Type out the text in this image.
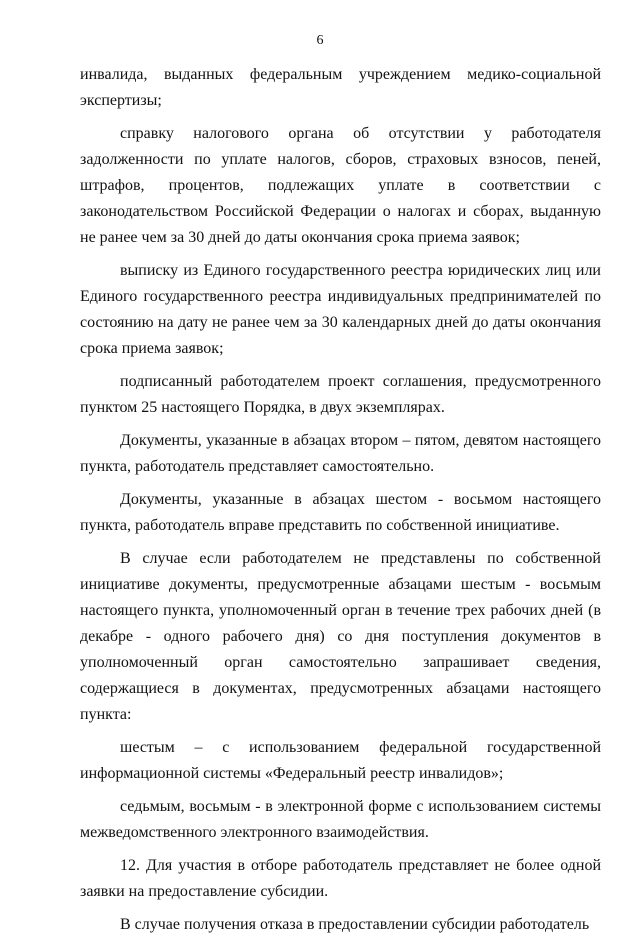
6

инвалида, выданных федеральным учреждением медико-социальной экспертизы;

справку налогового органа об отсутствии у работодателя задолженности по уплате налогов, сборов, страховых взносов, пеней, штрафов, процентов, подлежащих уплате в соответствии с законодательством Российской Федерации о налогах и сборах, выданную не ранее чем за 30 дней до даты окончания срока приема заявок;

выписку из Единого государственного реестра юридических лиц или Единого государственного реестра индивидуальных предпринимателей по состоянию на дату не ранее чем за 30 календарных дней до даты окончания срока приема заявок;

подписанный работодателем проект соглашения, предусмотренного пунктом 25 настоящего Порядка, в двух экземплярах.

Документы, указанные в абзацах втором – пятом, девятом настоящего пункта, работодатель представляет самостоятельно.

Документы, указанные в абзацах шестом - восьмом настоящего пункта, работодатель вправе представить по собственной инициативе.

В случае если работодателем не представлены по собственной инициативе документы, предусмотренные абзацами шестым - восьмым настоящего пункта, уполномоченный орган в течение трех рабочих дней (в декабре - одного рабочего дня) со дня поступления документов в уполномоченный орган самостоятельно запрашивает сведения, содержащиеся в документах, предусмотренных абзацами настоящего пункта:

шестым – с использованием федеральной государственной информационной системы «Федеральный реестр инвалидов»;

седьмым, восьмым - в электронной форме с использованием системы межведомственного электронного взаимодействия.

12. Для участия в отборе работодатель представляет не более одной заявки на предоставление субсидии.

В случае получения отказа в предоставлении субсидии работодатель
